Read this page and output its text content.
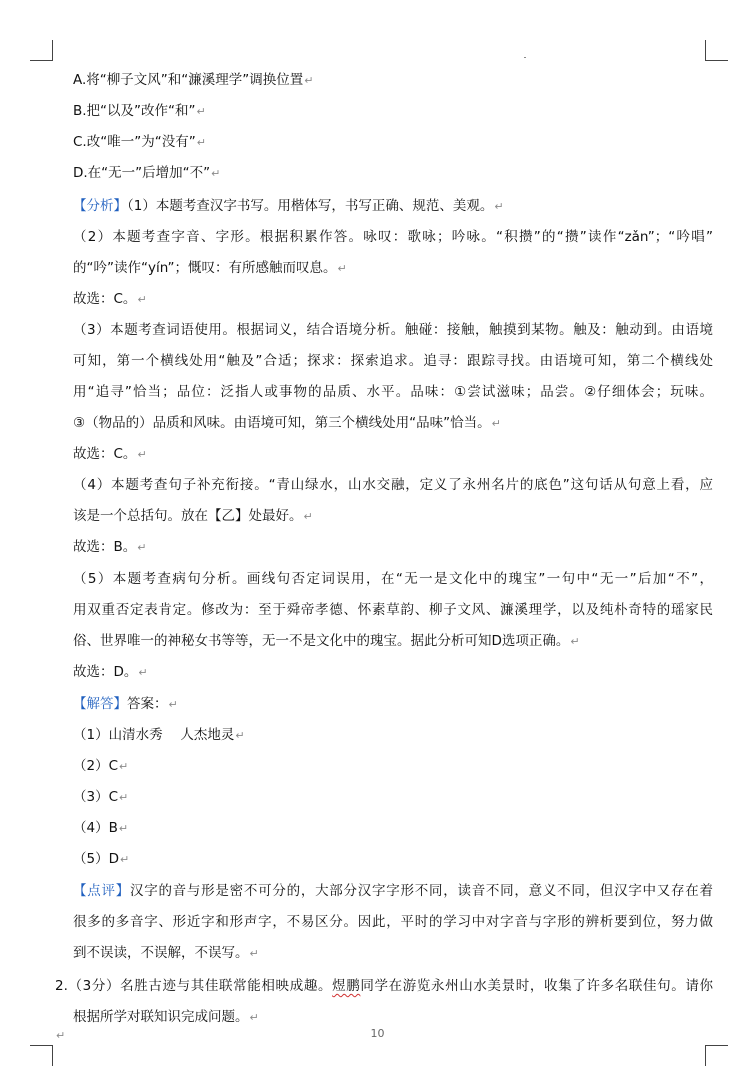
A.将“柳子文风”和“濂溪理学”调换位置↵
B.把“以及”改作“和”↵
C.改“唯一”为“没有”↵
D.在“无一”后增加“不”↵
【分析】（1）本题考查汉字书写。用楷体写，书写正确、规范、美观。↵
（2）本题考查字音、字形。根据积累作答。咏叹：歌咏；吟咏。“积攒”的“攒”读作“zǎn”；“吟唱”
的“吟”读作“yín”；慨叹：有所感触而叹息。↵
故选：C。↵
（3）本题考查词语使用。根据词义，结合语境分析。触碰：接触，触摸到某物。触及：触动到。由语境
可知，第一个横线处用“触及”合适；探求：探索追求。追寻：跟踪寻找。由语境可知，第二个横线处
用“追寻”恰当；品位：泛指人或事物的品质、水平。品味：①尝试滋味；品尝。②仔细体会；玩味。
③（物品的）品质和风味。由语境可知，第三个横线处用“品味”恰当。↵
故选：C。↵
（4）本题考查句子补充衔接。“青山绿水，山水交融，定义了永州名片的底色”这句话从句意上看，应
该是一个总括句。放在【乙】处最好。↵
故选：B。↵
（5）本题考查病句分析。画线句否定词误用，在“无一是文化中的瑰宝”一句中“无一”后加“不”，
用双重否定表肯定。修改为：至于舜帝孝德、怀素草韵、柳子文风、濂溪理学，以及纯朴奇特的瑶家民
俗、世界唯一的神秘女书等等，无一不是文化中的瑰宝。据此分析可知D选项正确。↵
故选：D。↵
【解答】答案：↵
（1）山清水秀　 人杰地灵↵
（2）C↵
（3）C↵
（4）B↵
（5）D↵
【点评】汉字的音与形是密不可分的，大部分汉字字形不同，读音不同，意义不同，但汉字中又存在着
很多的多音字、形近字和形声字，不易区分。因此，平时的学习中对字音与字形的辨析要到位，努力做
到不误读，不误解，不误写。↵
2.（3分）名胜古迹与其佳联常能相映成趣。煜鹏同学在游览永州山水美景时，收集了许多名联佳句。请你
根据所学对联知识完成问题。↵
10
↵
